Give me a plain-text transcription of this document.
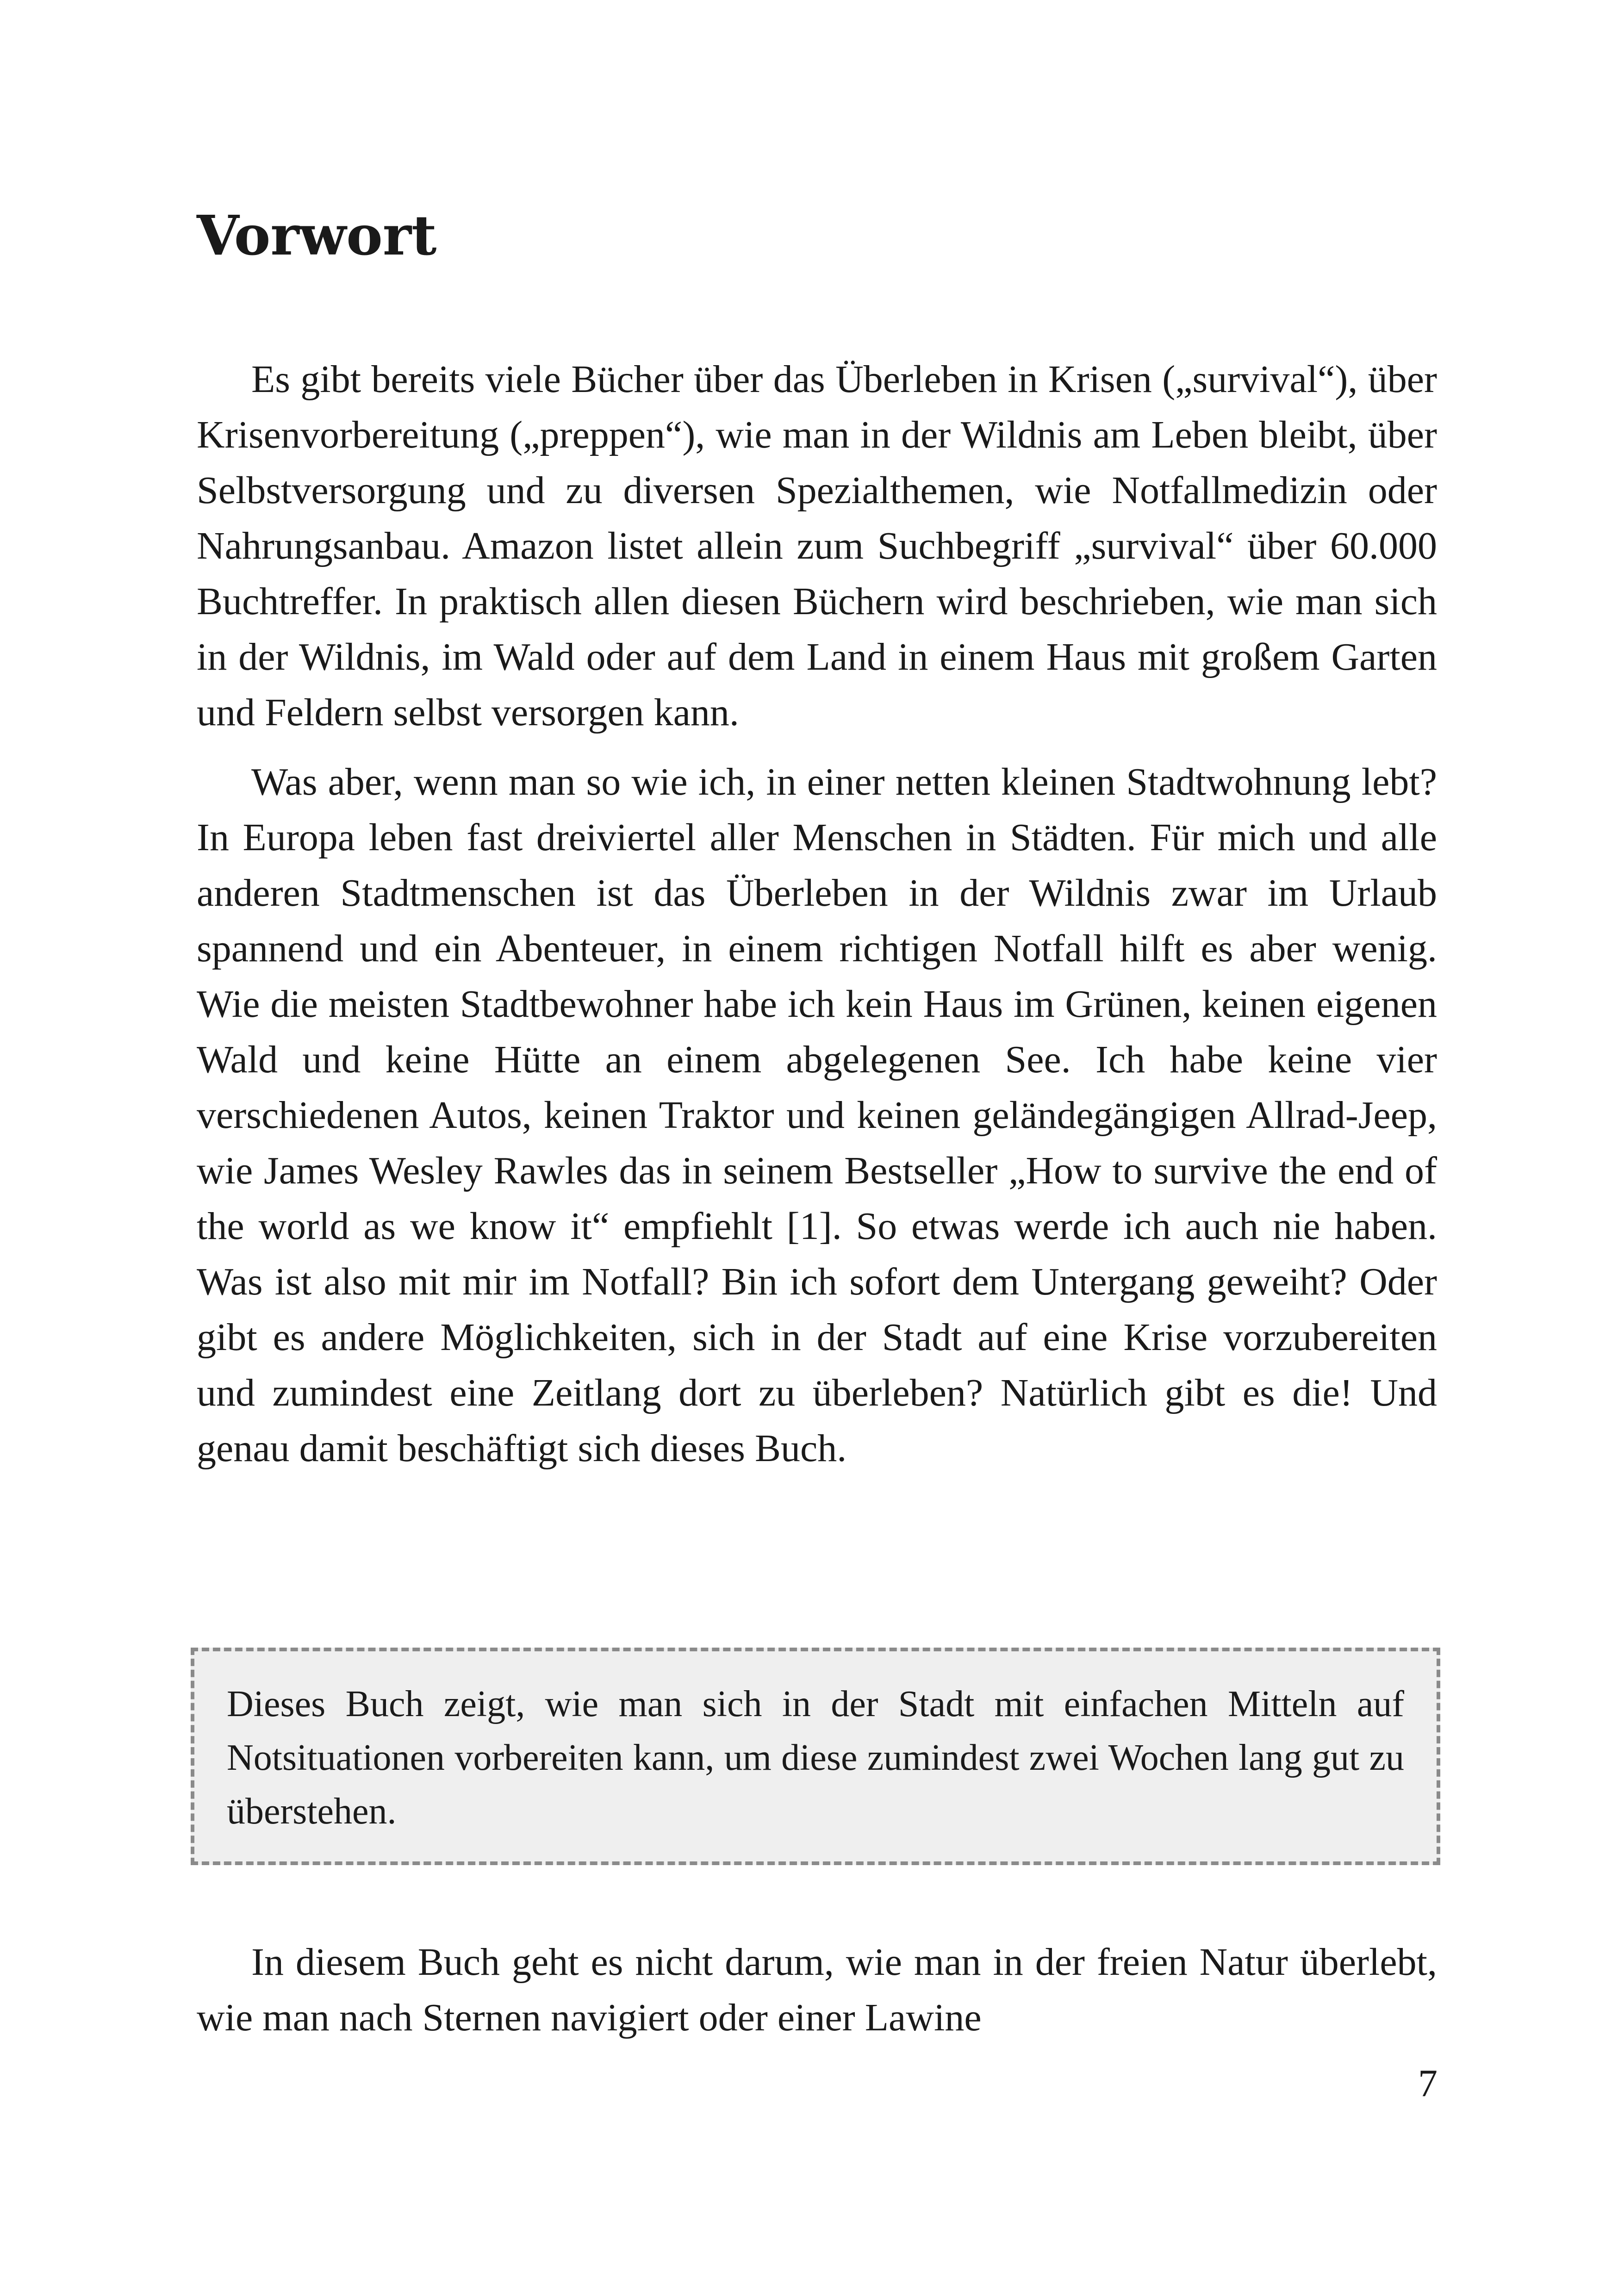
Vorwort

Es gibt bereits viele Bücher über das Überleben in Krisen („survival“), über Krisenvorbereitung („preppen“), wie man in der Wildnis am Leben bleibt, über Selbstversorgung und zu diversen Spezialthemen, wie Notfallmedizin oder Nahrungsanbau. Amazon listet allein zum Suchbegriff „survival“ über 60.000 Buchtreffer. In praktisch allen diesen Büchern wird beschrieben, wie man sich in der Wildnis, im Wald oder auf dem Land in einem Haus mit großem Garten und Feldern selbst versorgen kann.

Was aber, wenn man so wie ich, in einer netten kleinen Stadtwohnung lebt? In Europa leben fast dreiviertel aller Menschen in Städten. Für mich und alle anderen Stadtmenschen ist das Überleben in der Wildnis zwar im Urlaub spannend und ein Abenteuer, in einem richtigen Notfall hilft es aber wenig. Wie die meisten Stadtbewohner habe ich kein Haus im Grünen, keinen eigenen Wald und keine Hütte an einem abgelegenen See. Ich habe keine vier verschiedenen Autos, keinen Traktor und keinen geländegängigen Allrad-Jeep, wie James Wesley Rawles das in seinem Bestseller „How to survive the end of the world as we know it“ empfiehlt [1]. So etwas werde ich auch nie haben. Was ist also mit mir im Notfall? Bin ich sofort dem Untergang geweiht? Oder gibt es andere Möglichkeiten, sich in der Stadt auf eine Krise vorzubereiten und zumindest eine Zeitlang dort zu überleben? Natürlich gibt es die! Und genau damit beschäftigt sich dieses Buch.

Dieses Buch zeigt, wie man sich in der Stadt mit einfachen Mitteln auf Notsituationen vorbereiten kann, um diese zumindest zwei Wochen lang gut zu überstehen.

In diesem Buch geht es nicht darum, wie man in der freien Natur überlebt, wie man nach Sternen navigiert oder einer Lawine

7
